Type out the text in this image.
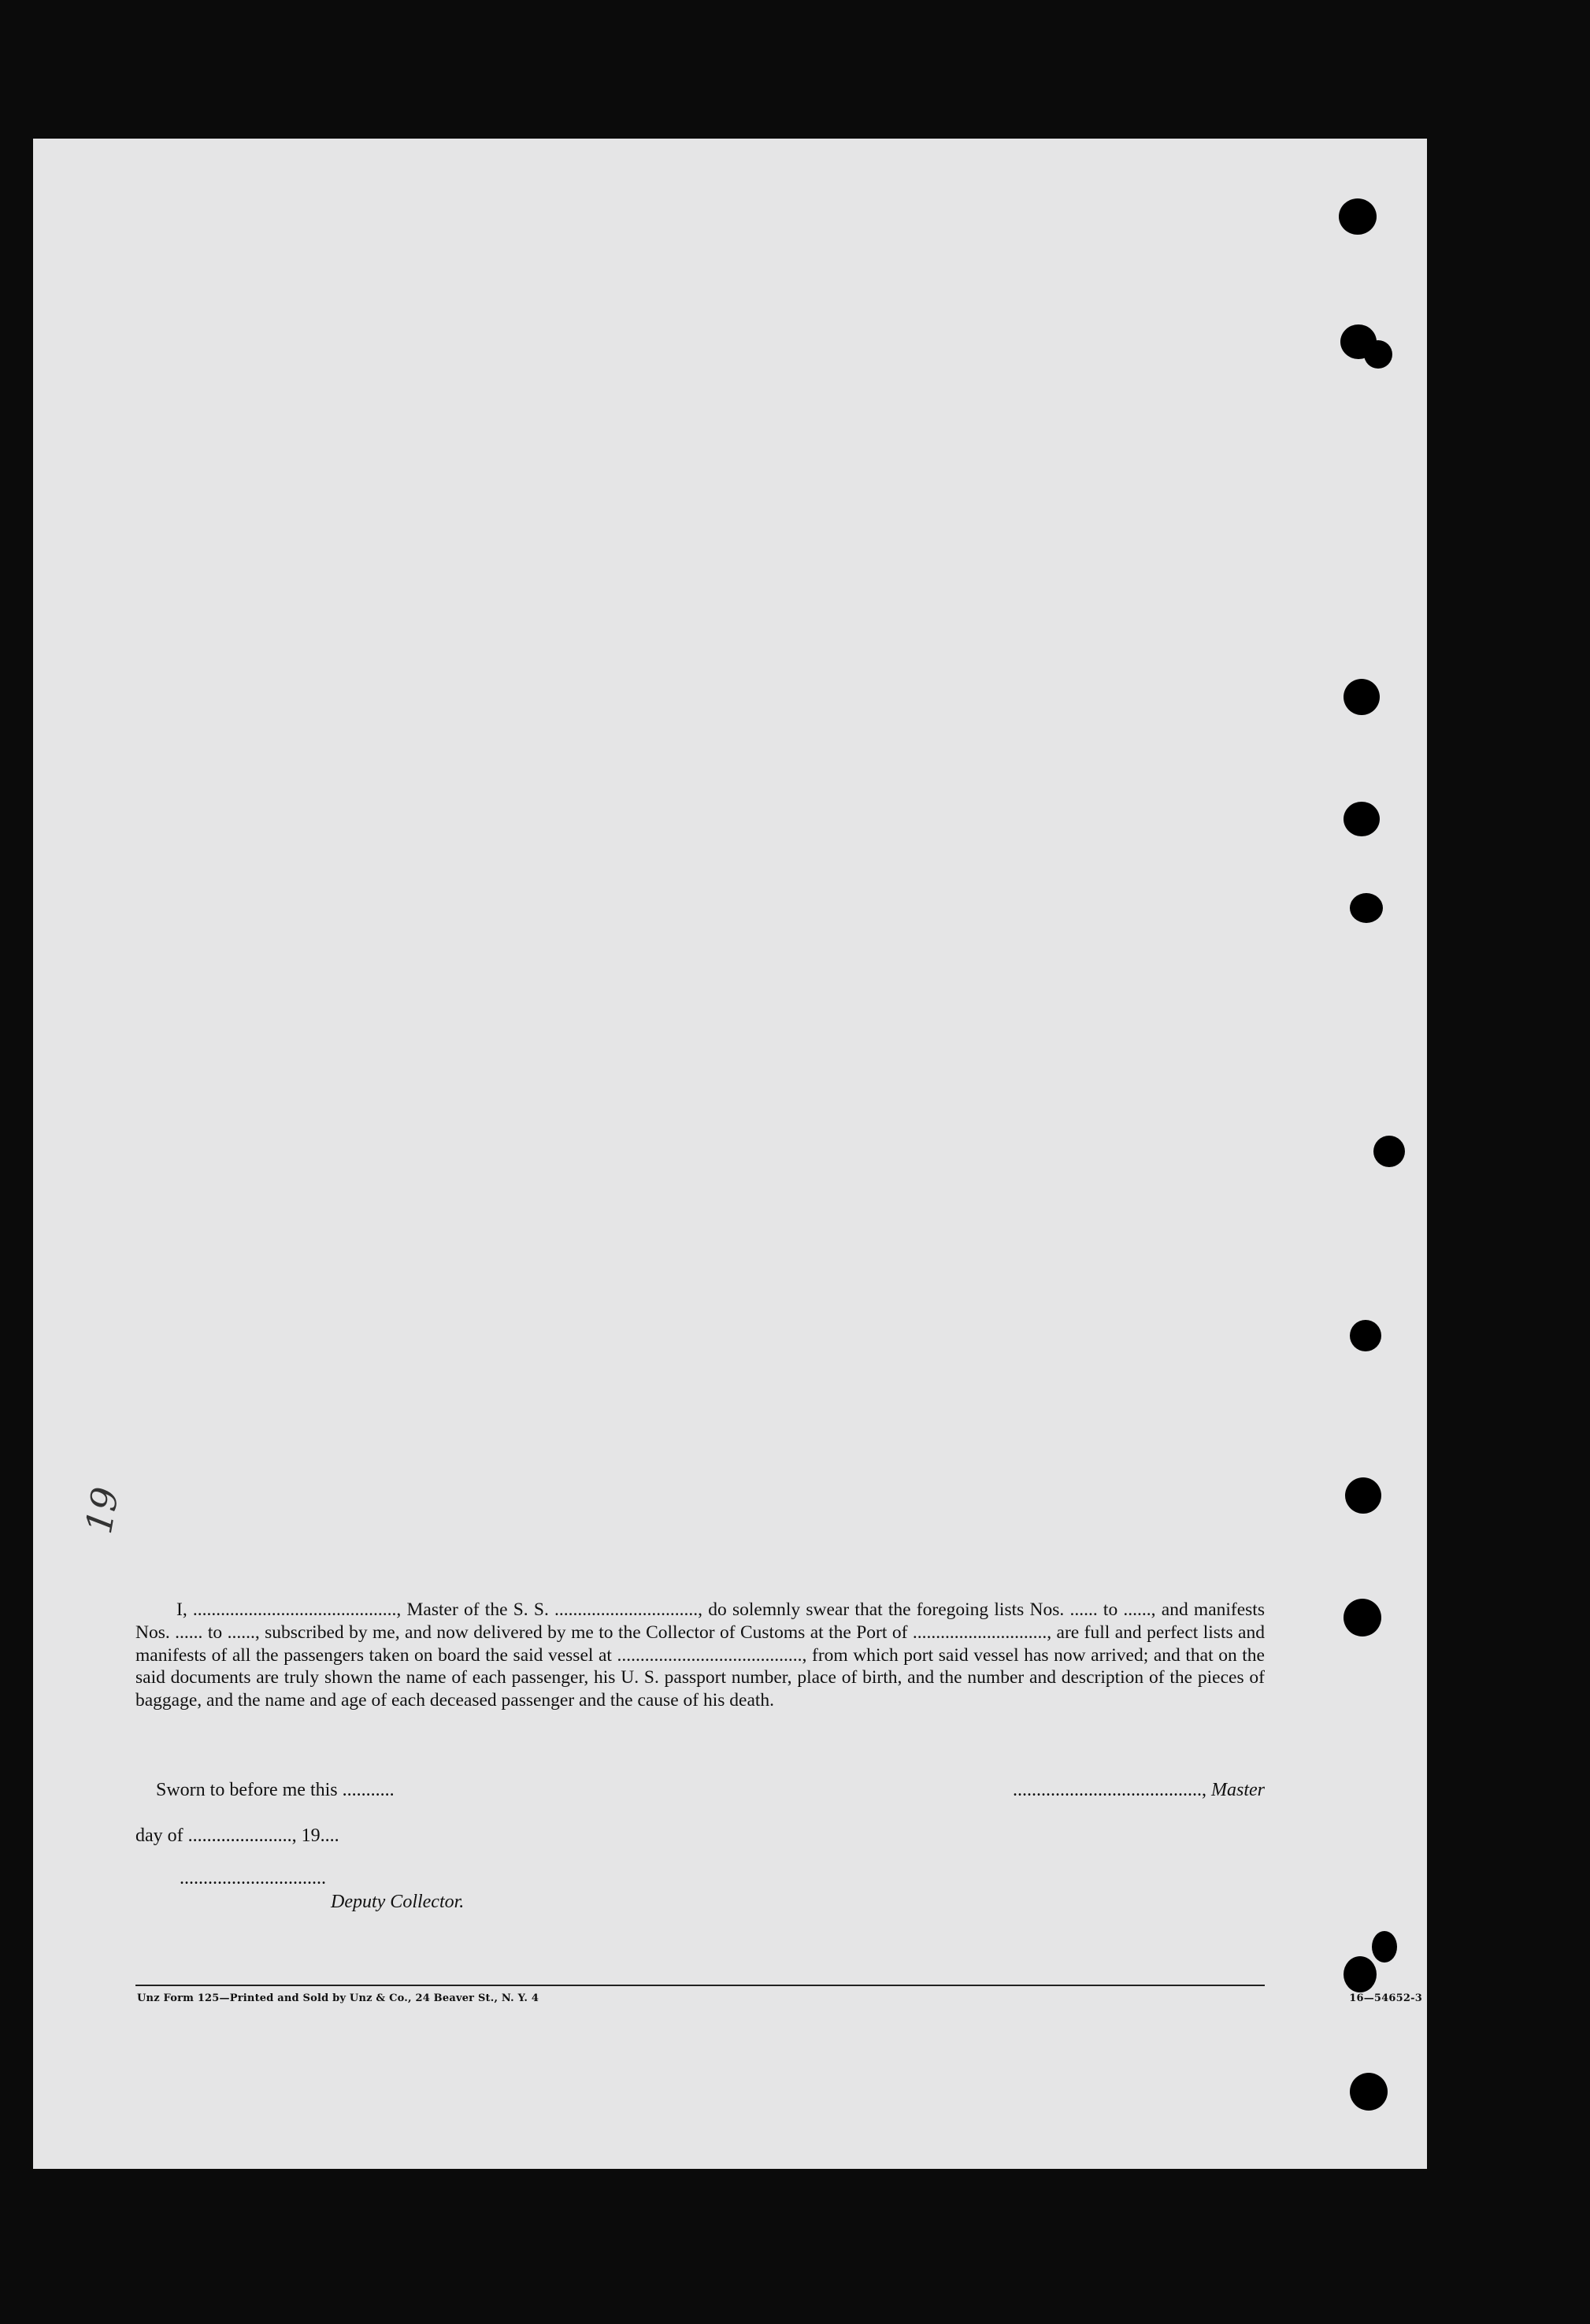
19

I, ............................................, Master of the S. S. ..............................., do solemnly swear that the foregoing lists Nos. ...... to ......, and manifests Nos. ...... to ......, subscribed by me, and now delivered by me to the Collector of Customs at the Port of ............................., are full and perfect lists and manifests of all the passengers taken on board the said vessel at ........................................, from which port said vessel has now arrived; and that on the said documents are truly shown the name of each passenger, his U. S. passport number, place of birth, and the number and description of the pieces of baggage, and the name and age of each deceased passenger and the cause of his death.

Sworn to before me this ...........	........................................, Master
day of ......................, 19....
...............................
Deputy Collector.
Unz Form 125—Printed and Sold by Unz & Co., 24 Beaver St., N. Y. 4	16—54652-3
